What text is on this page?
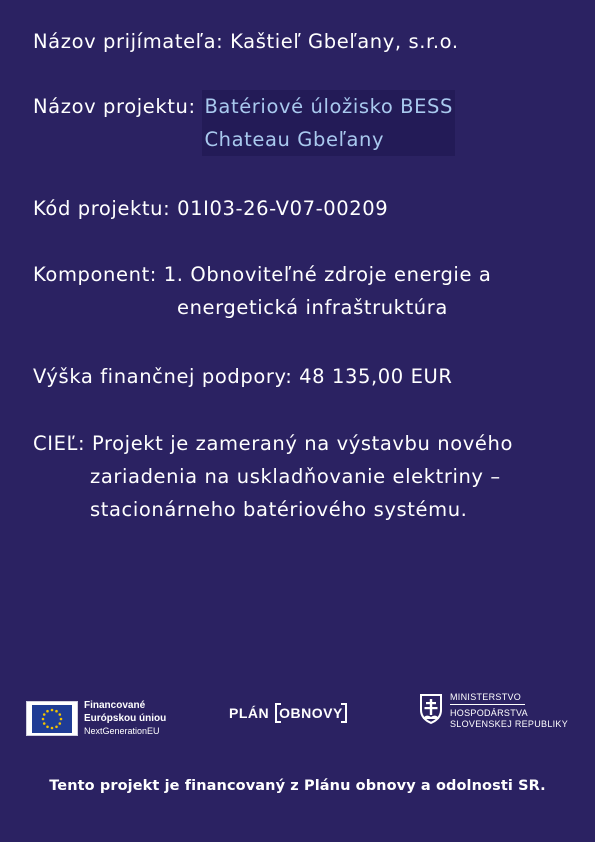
Názov prijímateľa:
Kaštieľ Gbeľany, s.r.o.
Názov projektu:
Batériové úložisko BESS
Chateau Gbeľany
Kód projektu:
01I03-26-V07-00209
Komponent: 1. Obnoviteľné zdroje energie a
energetická infraštruktúra
Výška finančnej podpory:
48 135,00 EUR
CIEĽ: Projekt je zameraný na výstavbu nového
zariadenia na uskladňovanie elektriny –
stacionárneho batériového systému.
Financované
Európskou úniou
NextGenerationEU
PLÁN OBNOVY
MINISTERSTVO
HOSPODÁRSTVA
SLOVENSKEJ REPUBLIKY
Tento projekt je financovaný z Plánu obnovy a odolnosti SR.
